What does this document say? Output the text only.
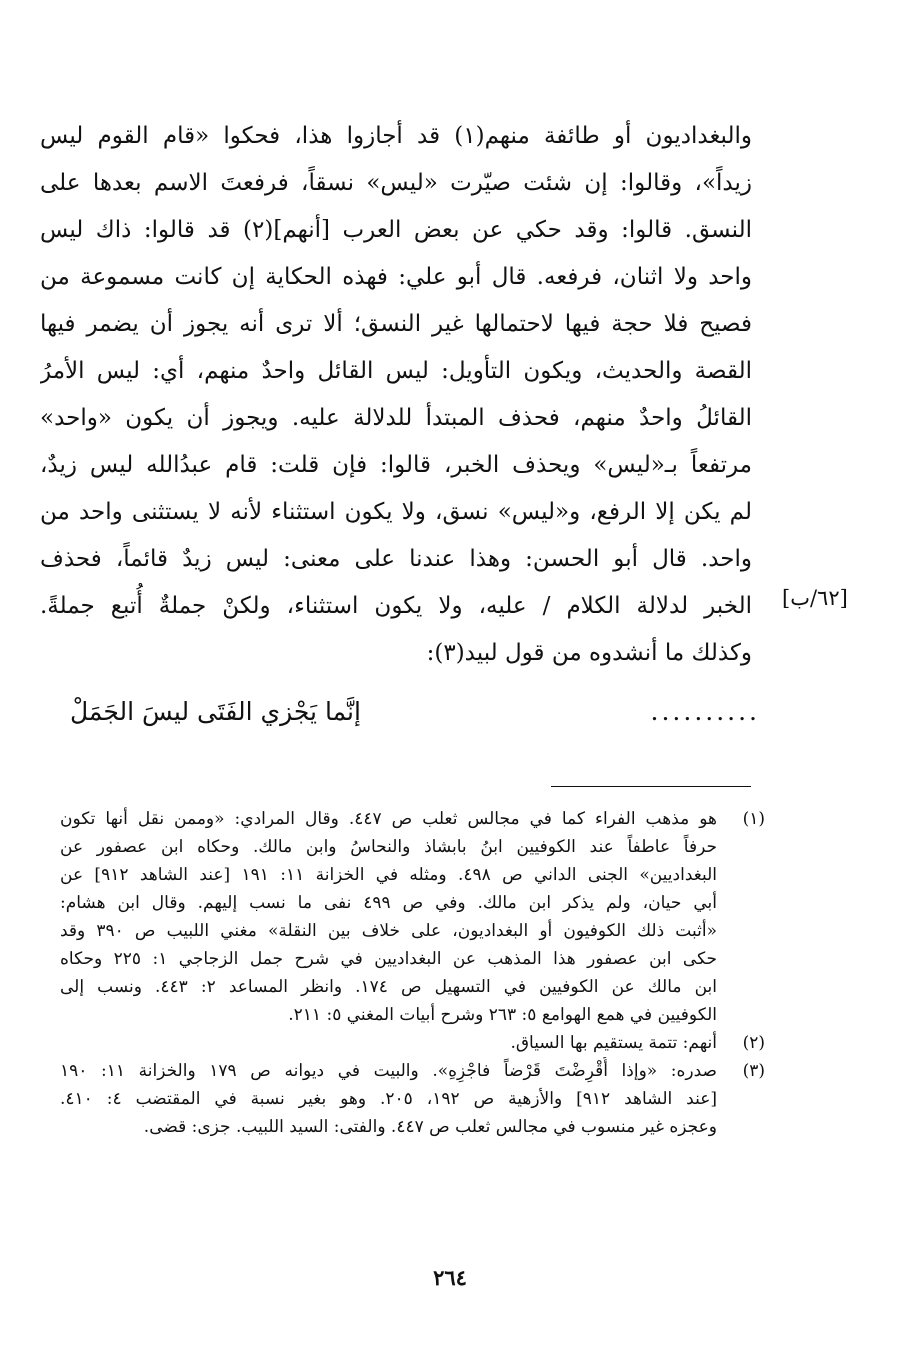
والبغداديون أو طائفة منهم(١) قد أجازوا هذا، فحكوا «قام القوم ليس
زيداً»، وقالوا: إن شئت صيّرت «ليس» نسقاً، فرفعتَ الاسم بعدها على
النسق. قالوا: وقد حكي عن بعض العرب [أنهم](٢) قد قالوا: ذاك ليس
واحد ولا اثنان، فرفعه. قال أبو علي: فهذه الحكاية إن كانت مسموعة من
فصيح فلا حجة فيها لاحتمالها غير النسق؛ ألا ترى أنه يجوز أن يضمر فيها
القصة والحديث، ويكون التأويل: ليس القائل واحدٌ منهم، أي: ليس الأمرُ
القائلُ واحدٌ منهم، فحذف المبتدأ للدلالة عليه. ويجوز أن يكون «واحد»
مرتفعاً بـ«ليس» ويحذف الخبر، قالوا: فإن قلت: قام عبدُالله ليس زيدٌ،
لم يكن إلا الرفع، و«ليس» نسق، ولا يكون استثناء لأنه لا يستثنى واحد من
واحد. قال أبو الحسن: وهذا عندنا على معنى: ليس زيدٌ قائماً، فحذف
الخبر لدلالة الكلام / عليه، ولا يكون استثناء، ولكنْ جملةٌ أُتبع جملةً.
وكذلك ما أنشدوه من قول لبيد(٣):
[٦٢/ب]
..........
إنَّما يَجْزي الفَتَى ليسَ الجَمَلْ
(١)
هو مذهب الفراء كما في مجالس ثعلب ص ٤٤٧. وقال المرادي: «وممن نقل أنها تكون
حرفاً عاطفاً عند الكوفيين ابنُ بابشاذ والنحاسُ وابن مالك. وحكاه ابن عصفور عن
البغداديين» الجنى الداني ص ٤٩٨. ومثله في الخزانة ١١: ١٩١ [عند الشاهد ٩١٢] عن
أبي حيان، ولم يذكر ابن مالك. وفي ص ٤٩٩ نفى ما نسب إليهم. وقال ابن هشام:
«أثبت ذلك الكوفيون أو البغداديون، على خلاف بين النقلة» مغني اللبيب ص ٣٩٠ وقد
حكى ابن عصفور هذا المذهب عن البغداديين في شرح جمل الزجاجي ١: ٢٢٥ وحكاه
ابن مالك عن الكوفيين في التسهيل ص ١٧٤. وانظر المساعد ٢: ٤٤٣. ونسب إلى
الكوفيين في همع الهوامع ٥: ٢٦٣ وشرح أبيات المغني ٥: ٢١١.
(٢)
أنهم: تتمة يستقيم بها السياق.
(٣)
صدره: «وإذا أُقْرِضْتَ قَرْضاً فاجْزِهِ». والبيت في ديوانه ص ١٧٩ والخزانة ١١: ١٩٠
[عند الشاهد ٩١٢] والأزهية ص ١٩٢، ٢٠٥. وهو بغير نسبة في المقتضب ٤: ٤١٠.
وعجزه غير منسوب في مجالس ثعلب ص ٤٤٧. والفتى: السيد اللبيب. جزى: قضى.
٢٦٤
